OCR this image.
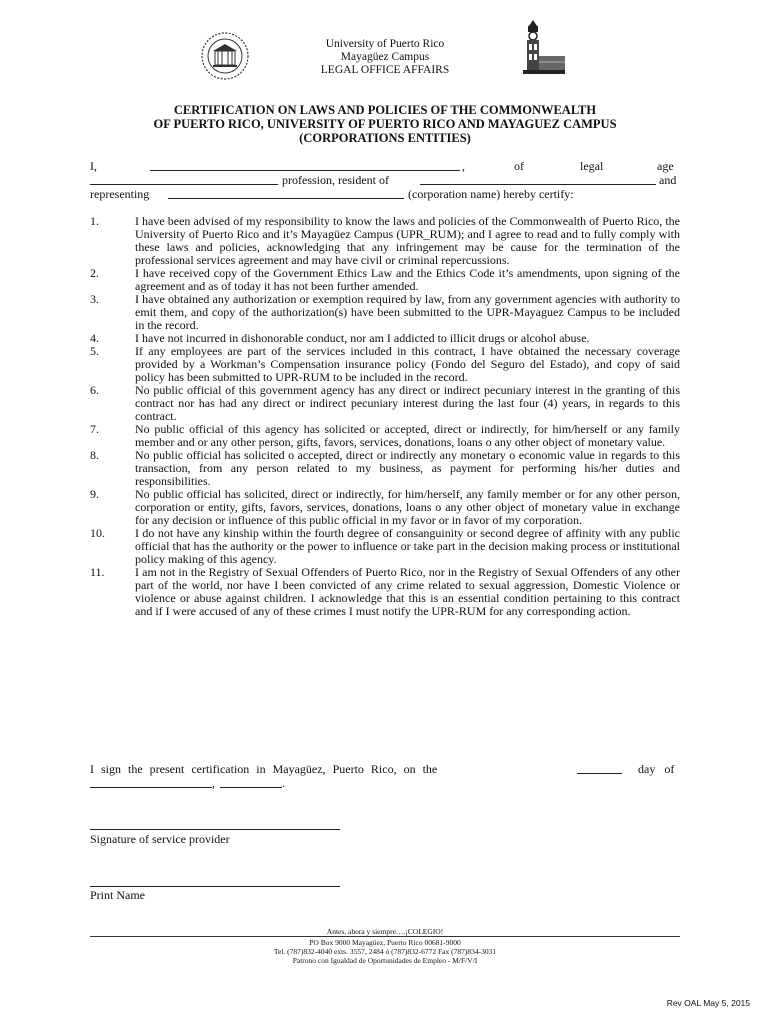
University of Puerto Rico
Mayagüez Campus
LEGAL OFFICE AFFAIRS
CERTIFICATION ON LAWS AND POLICIES OF THE COMMONWEALTH
OF PUERTO RICO, UNIVERSITY OF PUERTO RICO AND MAYAGUEZ CAMPUS
(CORPORATIONS ENTITIES)
I,	,	of	legal	age
profession, resident of	and
representing	(corporation name) hereby certify:
1.	I have been advised of my responsibility to know the laws and policies of the Commonwealth of Puerto Rico, the University of Puerto Rico and it’s Mayagüez Campus (UPR_RUM); and I agree to read and to fully comply with these laws and policies, acknowledging that any infringement may be cause for the termination of the professional services agreement and may have civil or criminal repercussions.
2.	I have received copy of the Government Ethics Law and the Ethics Code it’s amendments, upon signing of the agreement and as of today it has not been further amended.
3.	I have obtained any authorization or exemption required by law, from any government agencies with authority to emit them, and copy of the authorization(s) have been submitted to the UPR-Mayaguez Campus to be included in the record.
4.	I have not incurred in dishonorable conduct, nor am I addicted to illicit drugs or alcohol abuse.
5.	If any employees are part of the services included in this contract, I have obtained the necessary coverage provided by a Workman’s Compensation insurance policy (Fondo del Seguro del Estado), and copy of said policy has been submitted to UPR-RUM to be included in the record.
6.	No public official of this government agency has any direct or indirect pecuniary interest in the granting of this contract nor has had any direct or indirect pecuniary interest during the last four (4) years, in regards to this contract.
7.	No public official of this agency has solicited or accepted, direct or indirectly, for him/herself or any family member and or any other person, gifts, favors, services, donations, loans o any other object of monetary value.
8.	No public official has solicited o accepted, direct or indirectly any monetary o economic value in regards to this transaction, from any person related to my business, as payment for performing his/her duties and responsibilities.
9.	No public official has solicited, direct or indirectly, for him/herself, any family member or for any other person, corporation or entity, gifts, favors, services, donations, loans o any other object of monetary value in exchange for any decision or influence of this public official in my favor or in favor of my corporation.
10.	I do not have any kinship within the fourth degree of consanguinity or second degree of affinity with any public official that has the authority or the power to influence or take part in the decision making process or institutional policy making of this agency.
11.	I am not in the Registry of Sexual Offenders of Puerto Rico, nor in the Registry of Sexual Offenders of any other part of the world, nor have I been convicted of any crime related to sexual aggression, Domestic Violence or violence or abuse against children. I acknowledge that this is an essential condition pertaining to this contract and if I were accused of any of these crimes I must notify the UPR-RUM for any corresponding action.
I sign the present certification in Mayagüez, Puerto Rico, on the	day of
,	.
Signature of service provider
Print Name
Antes, ahora y siempre….¡COLEGIO!
PO Box 9000 Mayagüez, Puerto Rico 00681-9000
Tel. (787)832-4040 exts. 3557, 2484 ó (787)832-6772 Fax (787)834-3031
Patrono con Igualdad de Oportunidades de Empleo - M/F/V/I
Rev OAL May 5, 2015
